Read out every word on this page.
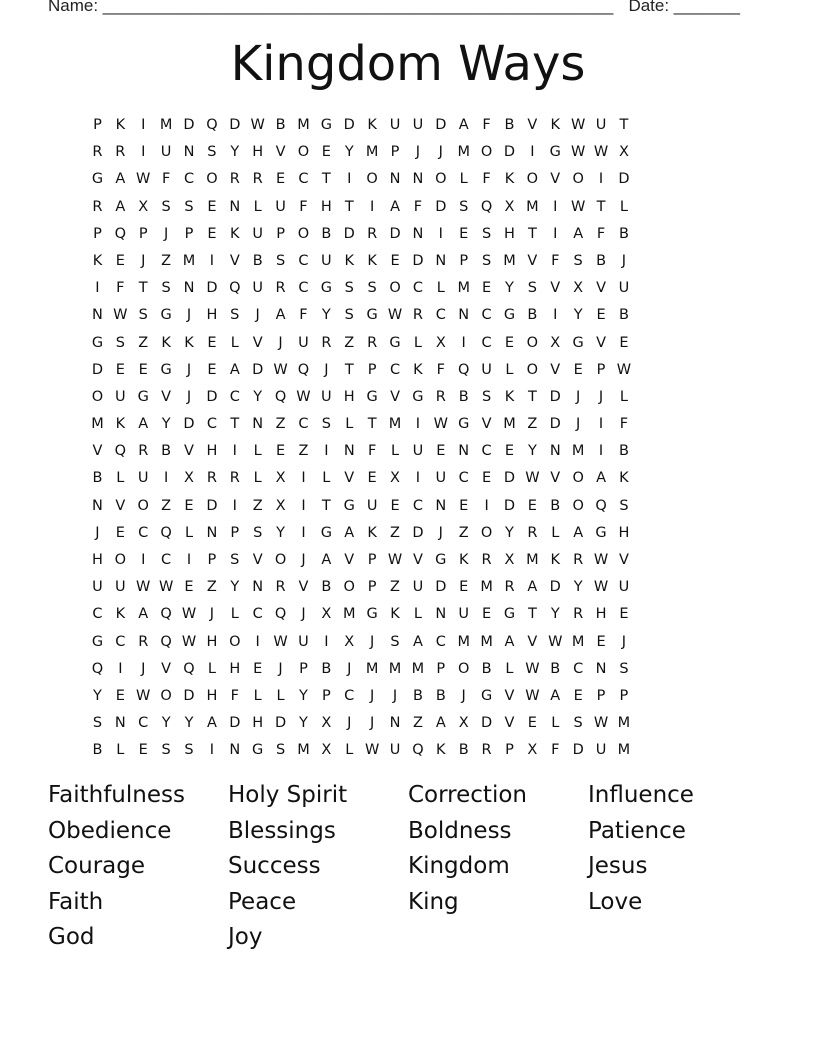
Name: ______________________________________________________ Date: _______
Kingdom Ways
P K	I	M D Q D W B M G D K U U D A F B V K W U T
R R	I	U N S Y H V O E Y M P	J	J	M O D	I	G W W X
G A W F C O R R E C T	I	O N N O L	F K O V O	I	D
R A X S S E N L U F H T	I	A F D S Q X M I W T L
P Q P	J	P E K U P O B D R D N	I	E S H T	I	A F B
K E	J	Z M I	V B S C U K K E D N P S M V F S B	J
I	F T S N D Q U R C G S S O C L M E Y S V X V U
N W S G	J	H S	J	A F Y S G W R C N C G B	I	Y E B
G S Z K K E L V	J	U R Z R G L X	I	C E O X G V E
D E E G	J	E A D W Q	J	T P C K F Q U L O V E P W
O U G V	J	D C Y Q W U H G V G R B S K T D	J	J	L
M K A Y D C T N Z C S L T M I W G V M Z D	J	I	F
V Q R B V H	I	L E Z	I	N F	L U E N C E Y N M I	B
B L U	I	X R R L X	I	L V E X	I	U C E D W V O A K
N V O Z E D	I	Z X	I	T G U E C N E	I	D E B O Q S
J	E C Q L N P S Y	I	G A K Z D	J	Z O Y R L A G H
H O	I	C	I	P S V O	J	A V P W V G K R X M K R W V
U U W W E Z Y N R V B O P Z U D E M R A D Y W U
C K A Q W J	L C Q	J	X M G K L N U E G T Y R H E
G C R Q W H O	I W U	I	X	J	S A C M M A V W M E	J
Q	I	J	V Q L H E	J	P B	J	M M M P O B L W B C N S
Y E W O D H F	L	L Y P C	J	J	B B	J	G V W A E P P
S N C Y Y A D H D Y X	J	J	N Z A X D V E L S W M
B L E S S	I	N G S M X L W U Q K B R P X F D U M
Faithfulness	Holy Spirit	Correction	Influence
Obedience	Blessings	Boldness	Patience
Courage	Success	Kingdom	Jesus
Faith	Peace	King	Love
God	Joy
